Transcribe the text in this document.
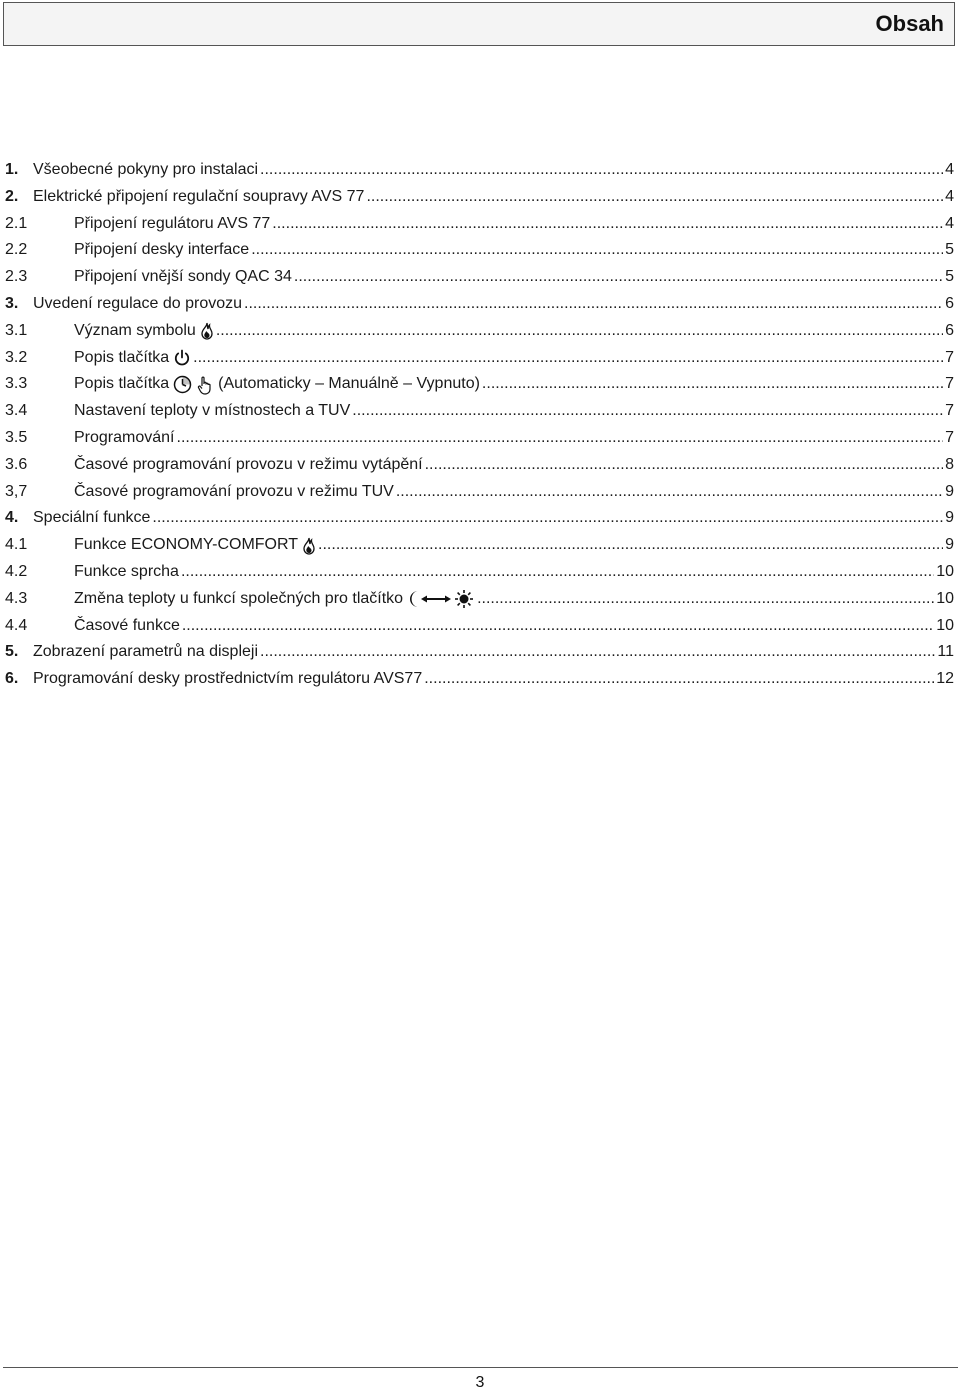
Obsah
1. Všeobecné pokyny pro instalaci .....	4
2. Elektrické připojení regulační soupravy AVS 77 .....	4
2.1	Připojení regulátoru AVS 77 .....	4
2.2	Připojení desky interface .....	5
2.3	Připojení vnější sondy QAC 34 .....	5
3. Uvedení regulace do provozu .....	6
3.1	Význam symbolu .....	6
3.2	Popis tlačítka .....	7
3.3	Popis tlačítka	(Automaticky – Manuálně – Vypnuto) .....	7
3.4	Nastavení teploty v místnostech a TUV .....	7
3.5	Programování .....	7
3.6	Časové programování provozu v režimu vytápění .....	8
3,7	Časové programování provozu v režimu TUV .....	9
4. Speciální funkce .....	9
4.1	Funkce ECONOMY-COMFORT .....	9
4.2	Funkce sprcha .....	10
4.3	Změna teploty u funkcí společných pro tlačítko .....	10
4.4	Časové funkce .....	10
5. Zobrazení parametrů na displeji .....	11
6. Programování desky prostřednictvím regulátoru AVS77 .....	12
3
